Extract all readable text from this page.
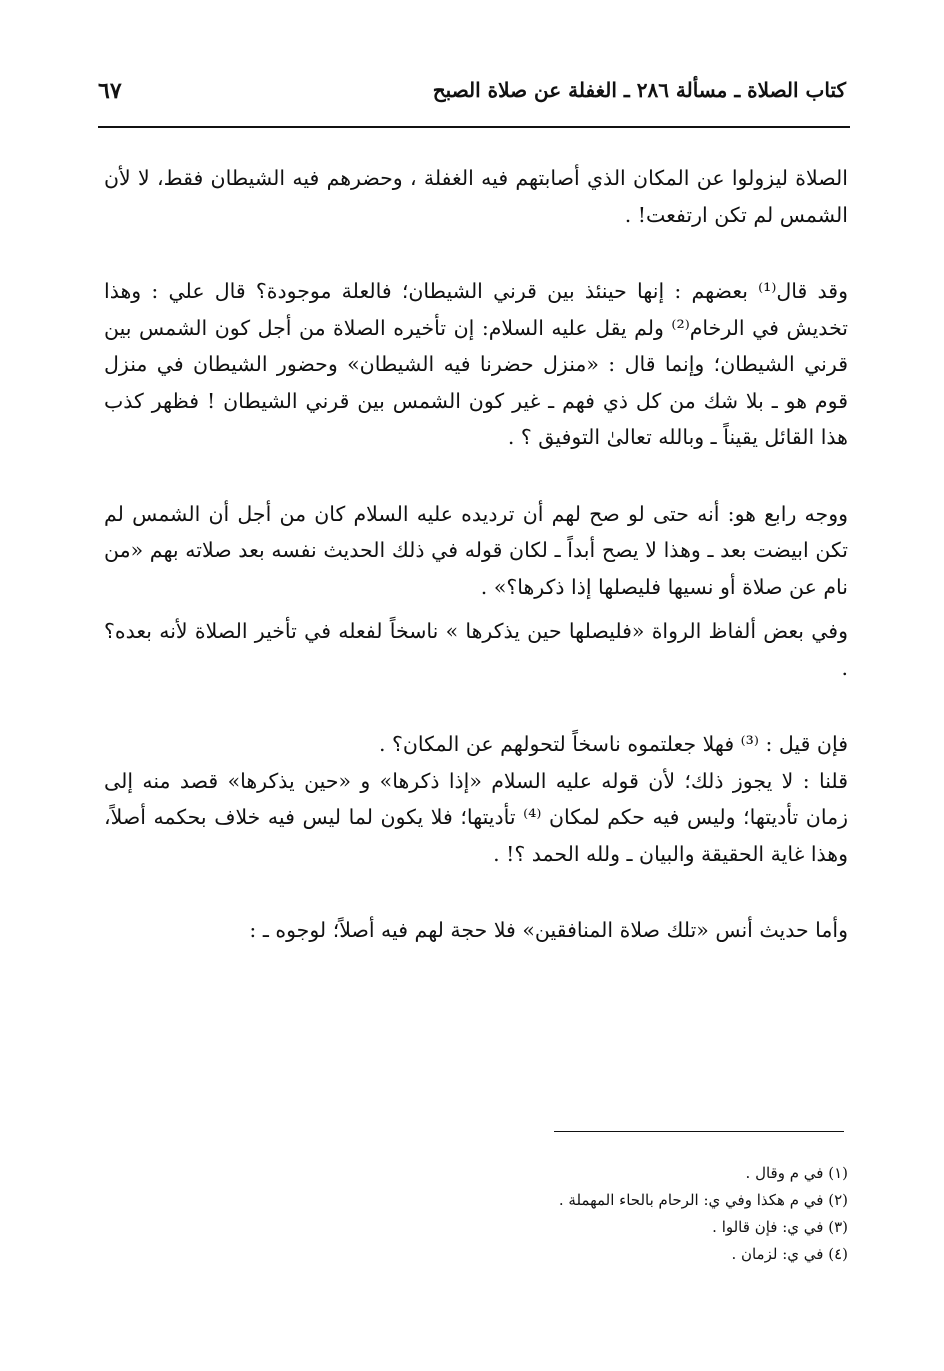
كتاب الصلاة ـ مسألة ٢٨٦ ـ الغفلة عن صلاة الصبح
٦٧

الصلاة ليزولوا عن المكان الذي أصابتهم فيه الغفلة ، وحضرهم فيه الشيطان فقط، لا لأن الشمس لم تكن ارتفعت! .

وقد قال⁽¹⁾ بعضهم : إنها حينئذ بين قرني الشيطان؛ فالعلة موجودة؟ قال علي : وهذا تخديش في الرخام⁽²⁾ ولم يقل عليه السلام: إن تأخيره الصلاة من أجل كون الشمس بين قرني الشيطان؛ وإنما قال : «منزل حضرنا فيه الشيطان» وحضور الشيطان في منزل قوم هو ـ بلا شك من كل ذي فهم ـ غير كون الشمس بين قرني الشيطان ! فظهر كذب هذا القائل يقيناً ـ وبالله تعالىٰ التوفيق ؟ .

ووجه رابع هو: أنه حتى لو صح لهم أن ترديده عليه السلام كان من أجل أن الشمس لم تكن ابيضت بعد ـ وهذا لا يصح أبداً ـ لكان قوله في ذلك الحديث نفسه بعد صلاته بهم «من نام عن صلاة أو نسيها فليصلها إذا ذكرها؟» .

وفي بعض ألفاظ الرواة «فليصلها حين يذكرها » ناسخاً لفعله في تأخير الصلاة لأنه بعده؟ .

فإن قيل : ⁽³⁾ فهلا جعلتموه ناسخاً لتحولهم عن المكان؟ .

قلنا : لا يجوز ذلك؛ لأن قوله عليه السلام «إذا ذكرها» و «حين يذكرها» قصد منه إلى زمان تأديتها؛ وليس فيه حكم لمكان ⁽⁴⁾ تأديتها؛ فلا يكون لما ليس فيه خلاف بحكمه أصلاً، وهذا غاية الحقيقة والبيان ـ ولله الحمد ؟! .

وأما حديث أنس «تلك صلاة المنافقين» فلا حجة لهم فيه أصلاً؛ لوجوه ـ :

(١) في م وقال .

(٢) في م هكذا وفي ي: الرحام بالحاء المهملة .

(٣) في ي: فإن قالوا .

(٤) في ي: لزمان .
